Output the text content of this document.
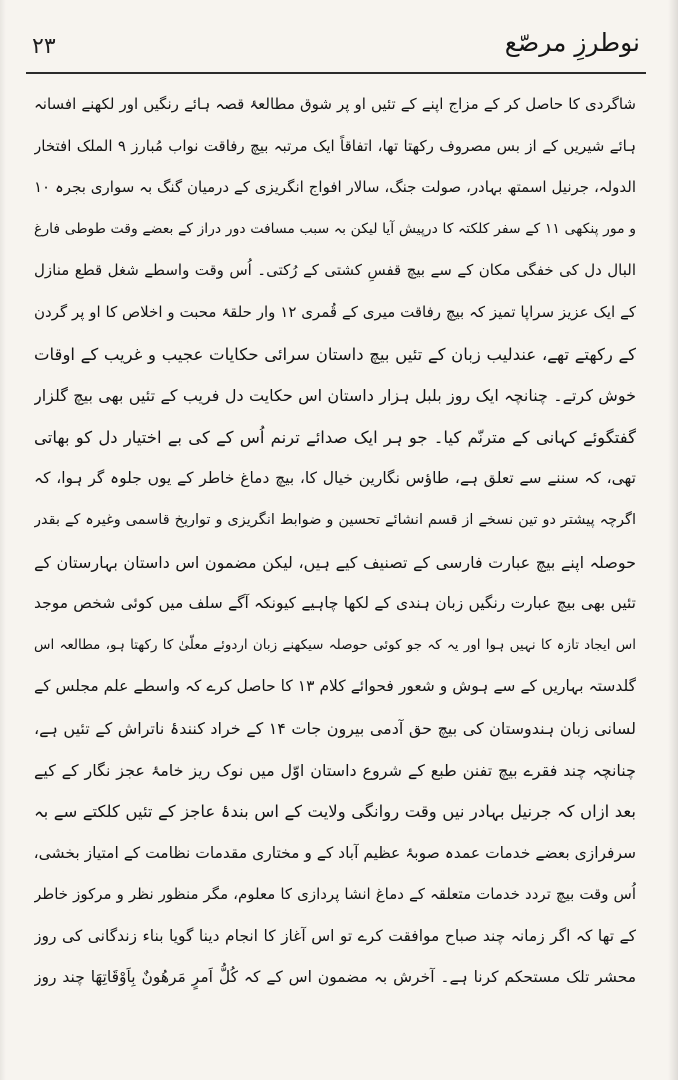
۲۳	نوطرزِ مرصّع
شاگردی کا حاصل کر کے مزاج اپنے کے تئیں او پر شوق مطالعۂ قصہ ہائے رنگیں اور لکھنے افسانہ
ہائے شیریں کے از بس مصروف رکھتا تھا، اتفاقاً ایک مرتبہ بیچ رفاقت نواب مُبارز ۹ الملک افتخار
الدولہ، جرنیل اسمتھ بہادر، صولت جنگ، سالار افواج انگریزی کے درمیان گنگ بہ سواری بجرہ ۱۰
و مور پنکھی ۱۱ کے سفر کلکتہ کا درپیش آیا لیکن بہ سبب مسافت دور دراز کے بعضے وقت طوطی فارغ
البال دل کی خفگی مکان کے سے بیچ قفسِ کشتی کے رُکتی۔ اُس وقت واسطے شغل قطع منازل
کے ایک عزیز سراپا تمیز کہ بیچ رفاقت میری کے قُمری ۱۲ وار حلقۂ محبت و اخلاص کا او پر گردن
کے رکھتے تھے، عندلیب زبان کے تئیں بیچ داستان سرائی حکایات عجیب و غریب کے اوقات
خوش کرتے۔ چنانچہ ایک روز بلبل ہزار داستان اس حکایت دل فریب کے تئیں بھی بیچ گلزار
گفتگوئے کہانی کے مترنّم کیا۔ جو ہر ایک صدائے ترنم اُس کے کی بے اختیار دل کو بھاتی
تھی، کہ سننے سے تعلق ہے، طاؤس نگارین خیال کا، بیچ دماغ خاطر کے یوں جلوہ گر ہوا، کہ
اگرچہ پیشتر دو تین نسخے از قسم انشائے تحسین و ضوابط انگریزی و تواریخ قاسمی وغیرہ کے بقدر
حوصلہ اپنے بیچ عبارت فارسی کے تصنیف کیے ہیں، لیکن مضمون اس داستان بہارستان کے
تئیں بھی بیچ عبارت رنگیں زبان ہندی کے لکھا چاہیے کیونکہ آگے سلف میں کوئی شخص موجد
اس ایجاد تازہ کا نہیں ہوا اور یہ کہ جو کوئی حوصلہ سیکھنے زبان اردوئے معلّیٰ کا رکھتا ہو، مطالعہ اس
گلدستہ بہاریں کے سے ہوش و شعور فحوائے کلام ۱۳ کا حاصل کرے کہ واسطے علم مجلس کے
لسانی زبان ہندوستان کی بیچ حق آدمی بیرون جات ۱۴ کے خراد کنندۂ ناتراش کے تئیں ہے،
چنانچہ چند فقرے بیچ تفنن طبع کے شروع داستان اوّل میں نوک ریز خامۂ عجز نگار کے کیے
بعد ازاں کہ جرنیل بہادر نیں وقت روانگی ولایت کے اس بندۂ عاجز کے تئیں کلکتے سے بہ
سرفرازی بعضے خدمات عمدہ صوبۂ عظیم آباد کے و مختاری مقدمات نظامت کے امتیاز بخشی،
اُس وقت بیچ تردد خدمات متعلقہ کے دماغ انشا پردازی کا معلوم، مگر منظور نظر و مرکوز خاطر
کے تھا کہ اگر زمانہ چند صباح موافقت کرے تو اس آغاز کا انجام دینا گویا بناء زندگانی کی روز
محشر تلک مستحکم کرنا ہے۔ آخرش بہ مضمون اس کے کہ کُلُّ اَمرٍ مَرهُونٌ بِاَوْقَاتِهَا چند روز
